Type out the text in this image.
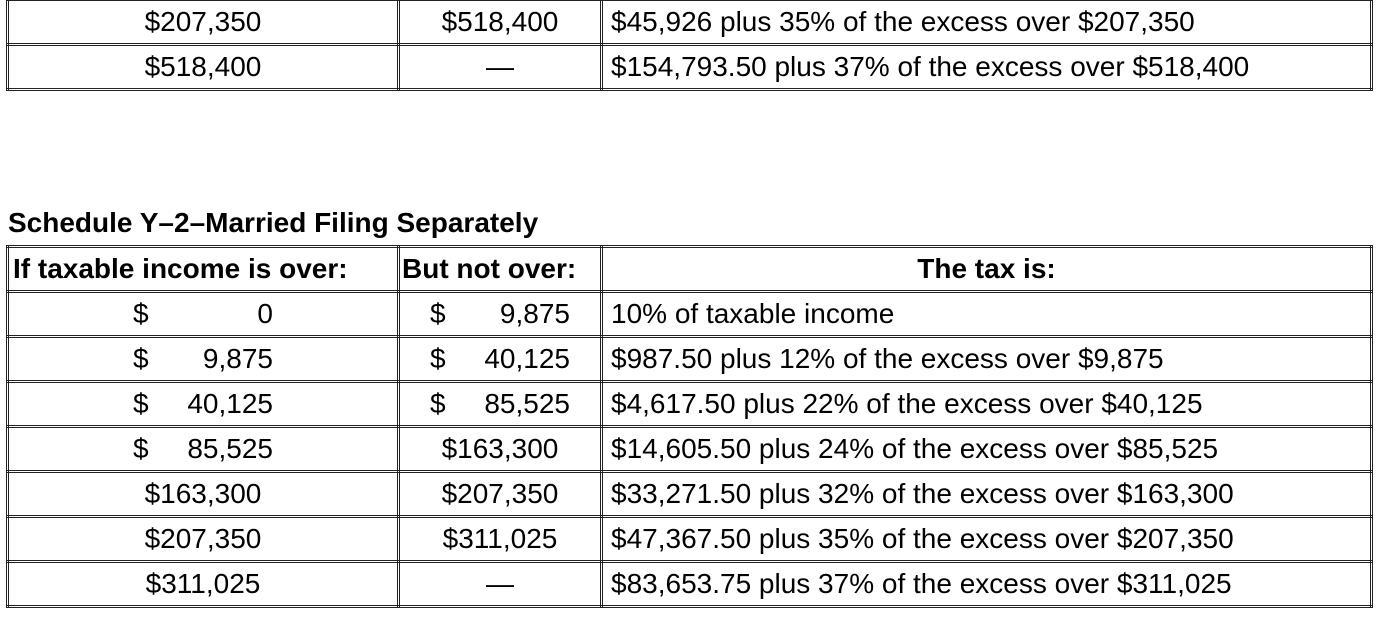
$207,350	$518,400	$45,926 plus 35% of the excess over $207,350
$518,400	—	$154,793.50 plus 37% of the excess over $518,400
Schedule Y–2–Married Filing Separately
If taxable income is over:	But not over:	The tax is:

$ 0	$ 9,875	10% of taxable income

$ 9,875	$ 40,125	$987.50 plus 12% of the excess over $9,875

$ 40,125	$ 85,525	$4,617.50 plus 22% of the excess over $40,125

$ 85,525	$163,300	$14,605.50 plus 24% of the excess over $85,525
$163,300	$207,350	$33,271.50 plus 32% of the excess over $163,300
$207,350	$311,025	$47,367.50 plus 35% of the excess over $207,350
$311,025	—	$83,653.75 plus 37% of the excess over $311,025
